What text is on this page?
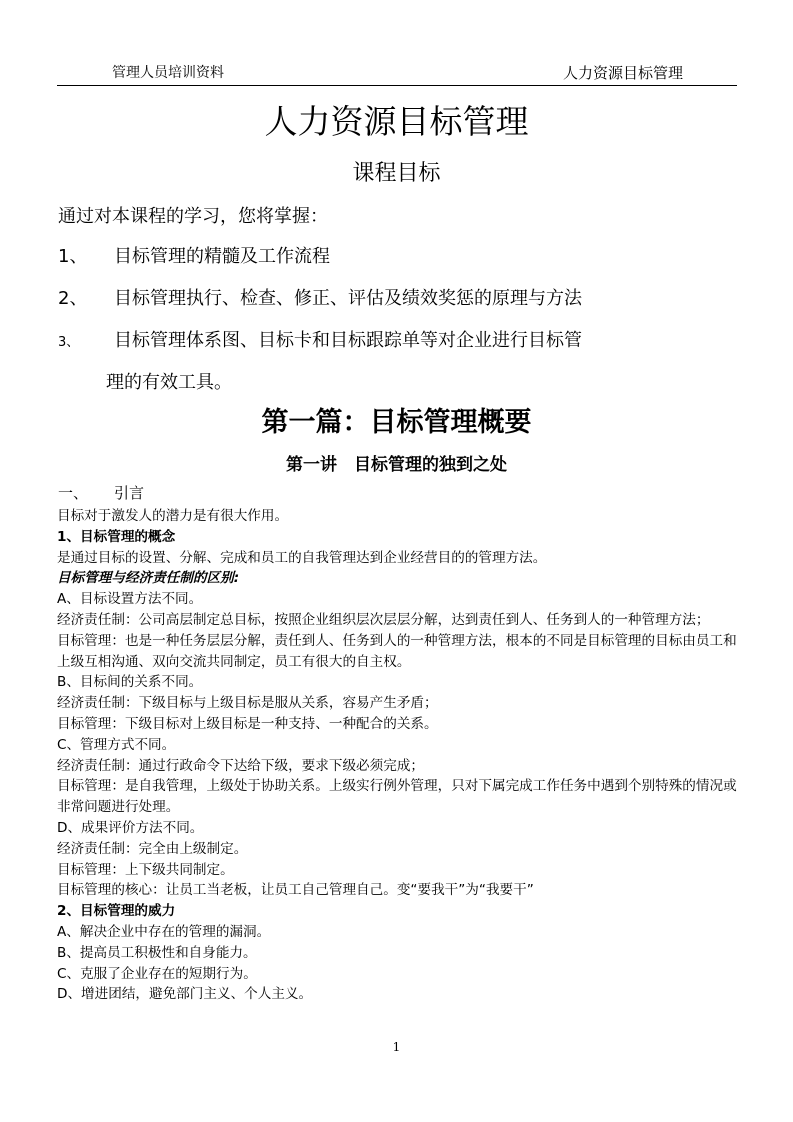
管理人员培训资料	人力资源目标管理
人力资源目标管理
课程目标
通过对本课程的学习，您将掌握：
1、 目标管理的精髓及工作流程
2、 目标管理执行、检查、修正、评估及绩效奖惩的原理与方法
3、 目标管理体系图、目标卡和目标跟踪单等对企业进行目标管
理的有效工具。
第一篇：目标管理概要
第一讲　目标管理的独到之处
一、 引言

目标对于激发人的潜力是有很大作用。

1、目标管理的概念

是通过目标的设置、分解、完成和员工的自我管理达到企业经营目的的管理方法。

目标管理与经济责任制的区别:

A、目标设置方法不同。

经济责任制：公司高层制定总目标，按照企业组织层次层层分解，达到责任到人、任务到人的一种管理方法；

目标管理：也是一种任务层层分解，责任到人、任务到人的一种管理方法，根本的不同是目标管理的目标由员工和上级互相沟通、双向交流共同制定，员工有很大的自主权。

B、目标间的关系不同。

经济责任制：下级目标与上级目标是服从关系，容易产生矛盾；

目标管理：下级目标对上级目标是一种支持、一种配合的关系。

C、管理方式不同。

经济责任制：通过行政命令下达给下级，要求下级必须完成；

目标管理：是自我管理，上级处于协助关系。上级实行例外管理，只对下属完成工作任务中遇到个别特殊的情况或非常问题进行处理。

D、成果评价方法不同。

经济责任制：完全由上级制定。

目标管理：上下级共同制定。

目标管理的核心：让员工当老板，让员工自己管理自己。变“要我干”为“我要干”

2、目标管理的威力

A、解决企业中存在的管理的漏洞。

B、提高员工积极性和自身能力。

C、克服了企业存在的短期行为。

D、增进团结，避免部门主义、个人主义。

1
